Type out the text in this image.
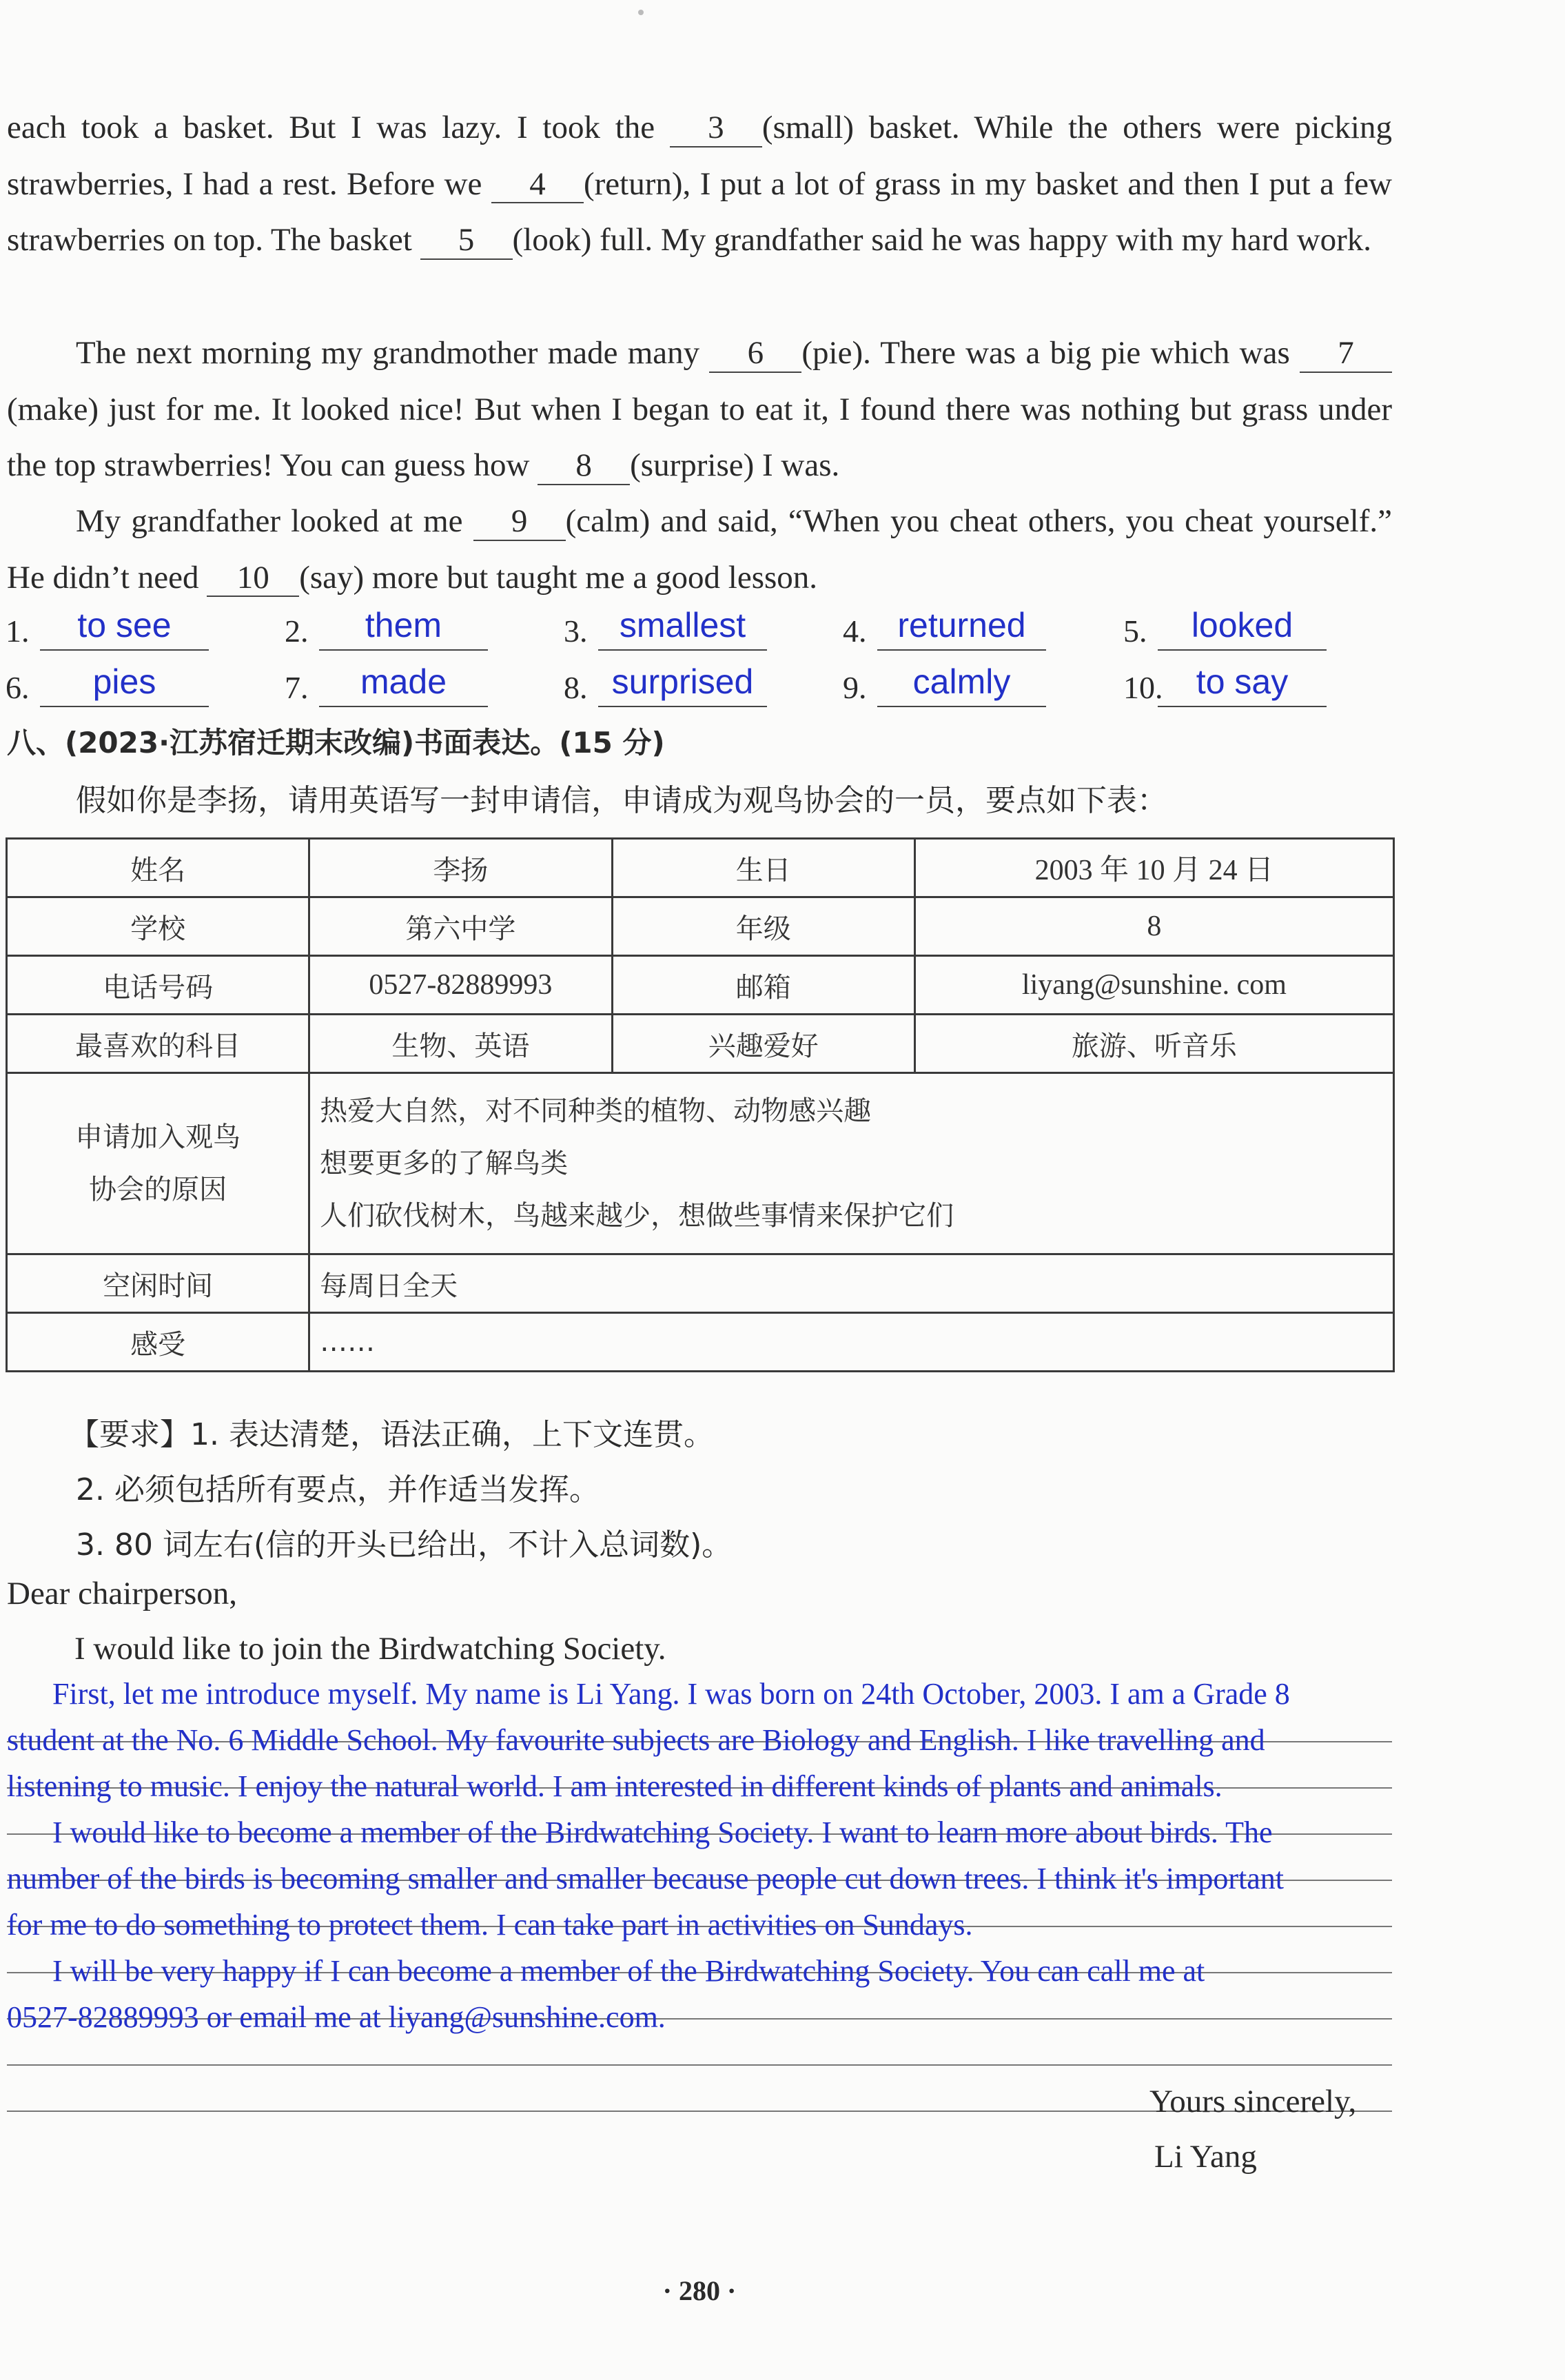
each took a basket. But I was lazy. I took the 3 (small) basket. While the others were picking strawberries, I had a rest. Before we 4 (return), I put a lot of grass in my basket and then I put a few strawberries on top. The basket 5 (look) full. My grandfather said he was happy with my hard work.
The next morning my grandmother made many 6 (pie). There was a big pie which was 7(make) just for me. It looked nice! But when I began to eat it, I found there was nothing but grass under the top strawberries! You can guess how 8 (surprise) I was.
My grandfather looked at me 9 (calm) and said, “When you cheat others, you cheat yourself.” He didn’t need 10 (say) more but taught me a good lesson.
1.	to see	2.	them	3. smallest	4. returned	5.	looked
6.	pies	7.	made	8. surprised	9.	calmly	10. to say
八、(2023·江苏宿迁期末改编)书面表达。(15 分)
假如你是李扬，请用英语写一封申请信，申请成为观鸟协会的一员，要点如下表：
姓名	李扬	生日	2003 年 10 月 24 日
学校	第六中学	年级	8
电话号码	0527-82889993	邮箱	liyang@sunshine. com
最喜欢的科目	生物、英语	兴趣爱好	旅游、听音乐

申请加入观鸟
协会的原因	热爱大自然，对不同种类的植物、动物感兴趣
想要更多的了解鸟类
人们砍伐树木，鸟越来越少，想做些事情来保护它们		

空闲时间	每周日全天		
感受	……		
【要求】1. 表达清楚，语法正确，上下文连贯。
2. 必须包括所有要点，并作适当发挥。
3. 80 词左右(信的开头已给出，不计入总词数)。
Dear chairperson,
I would like to join the Birdwatching Society.
First, let me introduce myself. My name is Li Yang. I was born on 24th October, 2003. I am a Grade 8
student at the No. 6 Middle School. My favourite subjects are Biology and English. I like travelling and
listening to music. I enjoy the natural world. I am interested in different kinds of plants and animals.
I would like to become a member of the Birdwatching Society. I want to learn more about birds. The
number of the birds is becoming smaller and smaller because people cut down trees. I think it's important
for me to do something to protect them. I can take part in activities on Sundays.
I will be very happy if I can become a member of the Birdwatching Society. You can call me at
0527-82889993 or email me at liyang@sunshine.com.
Yours sincerely,
Li Yang
· 280 ·
